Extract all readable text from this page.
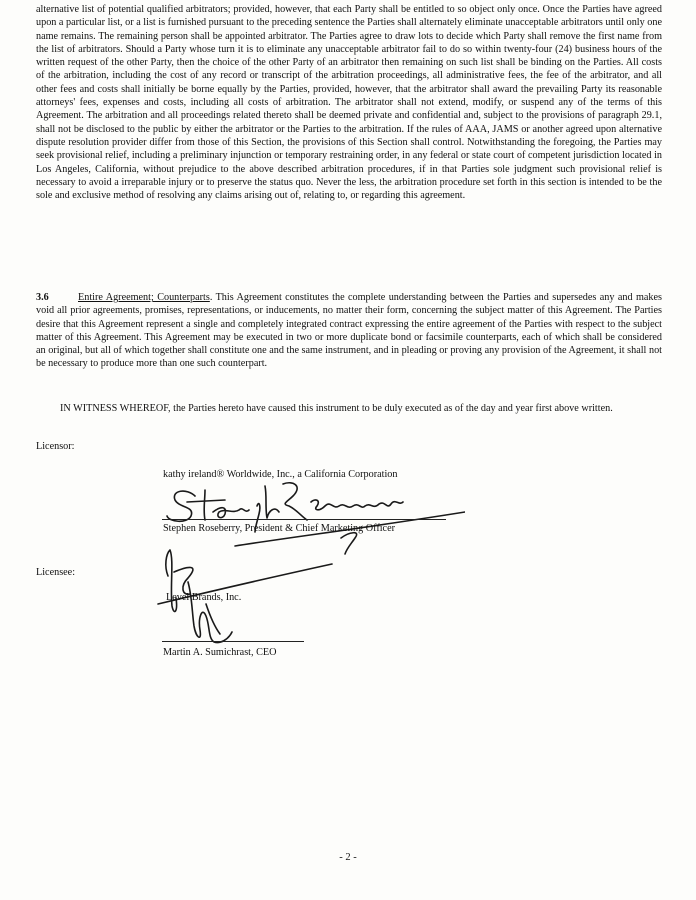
alternative list of potential qualified arbitrators; provided, however, that each Party shall be entitled to so object only once. Once the Parties have agreed upon a particular list, or a list is furnished pursuant to the preceding sentence the Parties shall alternately eliminate unacceptable arbitrators until only one name remains. The remaining person shall be appointed arbitrator. The Parties agree to draw lots to decide which Party shall remove the first name from the list of arbitrators. Should a Party whose turn it is to eliminate any unacceptable arbitrator fail to do so within twenty-four (24) business hours of the written request of the other Party, then the choice of the other Party of an arbitrator then remaining on such list shall be binding on the Parties. All costs of the arbitration, including the cost of any record or transcript of the arbitration proceedings, all administrative fees, the fee of the arbitrator, and all other fees and costs shall initially be borne equally by the Parties, provided, however, that the arbitrator shall award the prevailing Party its reasonable attorneys' fees, expenses and costs, including all costs of arbitration. The arbitrator shall not extend, modify, or suspend any of the terms of this Agreement. The arbitration and all proceedings related thereto shall be deemed private and confidential and, subject to the provisions of paragraph 29.1, shall not be disclosed to the public by either the arbitrator or the Parties to the arbitration. If the rules of AAA, JAMS or another agreed upon alternative dispute resolution provider differ from those of this Section, the provisions of this Section shall control. Notwithstanding the foregoing, the Parties may seek provisional relief, including a preliminary injunction or temporary restraining order, in any federal or state court of competent jurisdiction located in Los Angeles, California, without prejudice to the above described arbitration procedures, if in that Parties sole judgment such provisional relief is necessary to avoid a irreparable injury or to preserve the status quo. Never the less, the arbitration procedure set forth in this section is intended to be the sole and exclusive method of resolving any claims arising out of, relating to, or regarding this agreement.

3.6	Entire Agreement; Counterparts. This Agreement constitutes the complete understanding between the Parties and supersedes any and makes void all prior agreements, promises, representations, or inducements, no matter their form, concerning the subject matter of this Agreement. The Parties desire that this Agreement represent a single and completely integrated contract expressing the entire agreement of the Parties with respect to the subject matter of this Agreement. This Agreement may be executed in two or more duplicate bond or facsimile counterparts, each of which shall be considered an original, but all of which together shall constitute one and the same instrument, and in pleading or proving any provision of the Agreement, it shall not be necessary to produce more than one such counterpart.

IN WITNESS WHEREOF, the Parties hereto have caused this instrument to be duly executed as of the day and year first above written.

Licensor:
kathy ireland® Worldwide, Inc., a California Corporation
Stephen Roseberry, President & Chief Marketing Officer
Licensee:
Level Brands, Inc.
Martin A. Sumichrast, CEO
- 2 -
